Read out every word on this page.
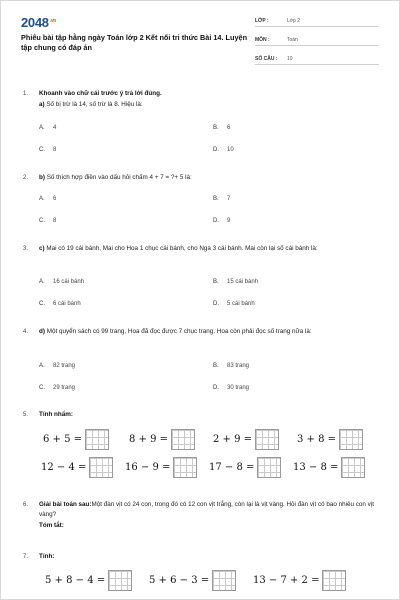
$2048^{.vn}$
Phiếu bài tập hằng ngày Toán lớp 2 Kết nối tri thức Bài 14. Luyện tập chung có đáp án
LỚP :	Lớp 2
MÔN :	Toán
SỐ CÂU :	10
1. Khoanh vào chữ cái trước ý trả lời đúng.
a) Số bị trừ là 14, số trừ là 8. Hiệu là:
A. 4	B. 6
C. 8	D. 10
2. b) Số thích hợp điền vào dấu hỏi chấm 4 + 7 = ?+ 5 là:
A. 6	B. 7
C. 8	D. 9
3. c) Mai có 19 cái bánh, Mai cho Hoa 1 chục cái bánh, cho Nga 3 cái bánh. Mai còn lại số cái bánh là:
A. 16 cái bánh	B. 15 cái bánh
C. 6 cái bánh	D. 5 cái bánh
4. d) Một quyển sách có 99 trang, Hoa đã đọc được 7 chục trang. Hoa còn phải đọc số trang nữa là:
A. 82 trang	B. 83 trang
C. 29 trang	D. 30 trang
5. Tính nhẩm:
6 + 5 =	8 + 9 =	2 + 9 =	3 + 8 =
12 − 4 =	16 − 9 =	17 − 8 =	13 − 8 =
6. Giải bài toán sau:Một đàn vịt có 24 con, trong đó có 12 con vịt trắng, còn lại là vịt vàng. Hỏi đàn vịt có bao nhiêu con vịt vàng?
Tóm tắt:
7. Tính:
5 + 8 − 4 =	5 + 6 − 3 =	13 − 7 + 2 =
